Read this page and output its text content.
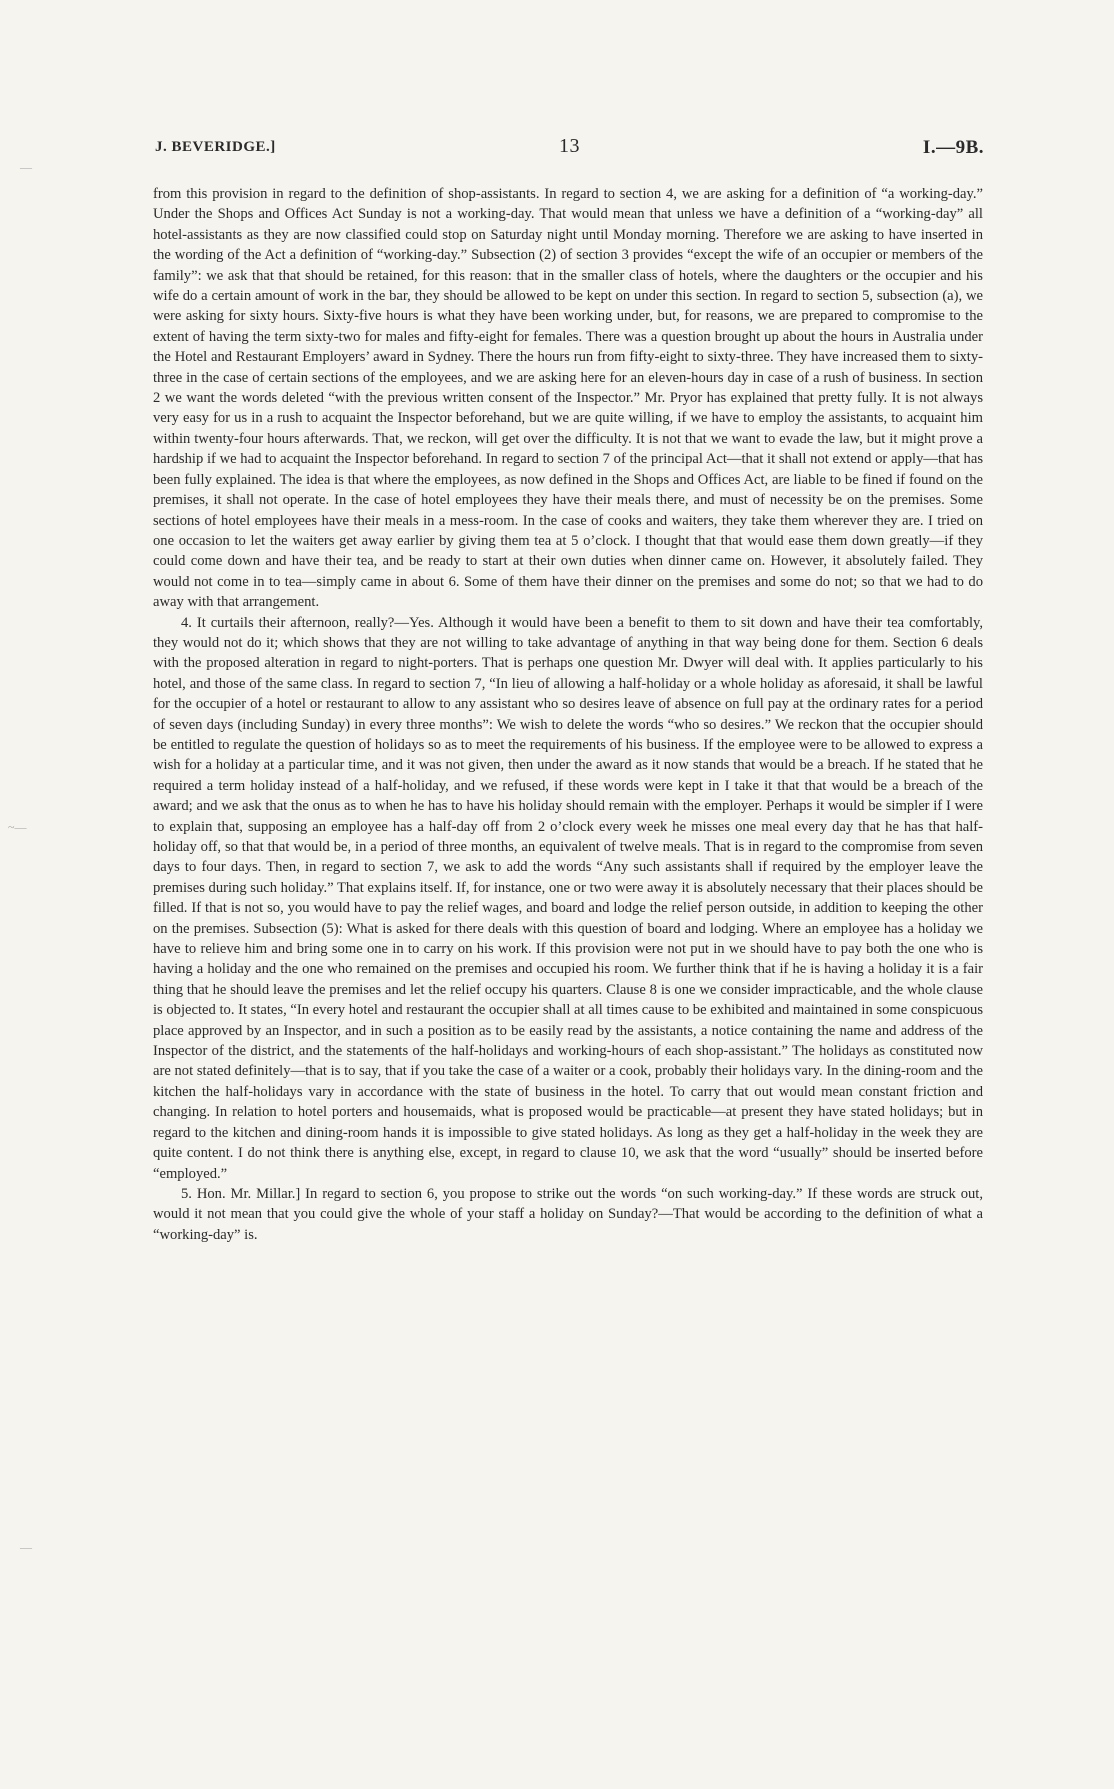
J. BEVERIDGE.]	13	I.—9B.

from this provision in regard to the definition of shop-assistants. In regard to section 4, we are asking for a definition of “a working-day.” Under the Shops and Offices Act Sunday is not a working-day. That would mean that unless we have a definition of a “working-day” all hotel-assistants as they are now classified could stop on Saturday night until Monday morning. Therefore we are asking to have inserted in the wording of the Act a definition of “working-day.” Subsection (2) of section 3 provides “except the wife of an occupier or members of the family”: we ask that that should be retained, for this reason: that in the smaller class of hotels, where the daughters or the occupier and his wife do a certain amount of work in the bar, they should be allowed to be kept on under this section. In regard to section 5, subsection (a), we were asking for sixty hours. Sixty-five hours is what they have been working under, but, for reasons, we are prepared to compromise to the extent of having the term sixty-two for males and fifty-eight for females. There was a question brought up about the hours in Australia under the Hotel and Restaurant Employers’ award in Sydney. There the hours run from fifty-eight to sixty-three. They have increased them to sixty-three in the case of certain sections of the employees, and we are asking here for an eleven-hours day in case of a rush of business. In section 2 we want the words deleted “with the previous written consent of the Inspector.” Mr. Pryor has explained that pretty fully. It is not always very easy for us in a rush to acquaint the Inspector beforehand, but we are quite willing, if we have to employ the assistants, to acquaint him within twenty-four hours afterwards. That, we reckon, will get over the difficulty. It is not that we want to evade the law, but it might prove a hardship if we had to acquaint the Inspector beforehand. In regard to section 7 of the principal Act—that it shall not extend or apply—that has been fully explained. The idea is that where the employees, as now defined in the Shops and Offices Act, are liable to be fined if found on the premises, it shall not operate. In the case of hotel employees they have their meals there, and must of necessity be on the premises. Some sections of hotel employees have their meals in a mess-room. In the case of cooks and waiters, they take them wherever they are. I tried on one occasion to let the waiters get away earlier by giving them tea at 5 o’clock. I thought that that would ease them down greatly—if they could come down and have their tea, and be ready to start at their own duties when dinner came on. However, it absolutely failed. They would not come in to tea—simply came in about 6. Some of them have their dinner on the premises and some do not; so that we had to do away with that arrangement.

4. It curtails their afternoon, really?—Yes. Although it would have been a benefit to them to sit down and have their tea comfortably, they would not do it; which shows that they are not willing to take advantage of anything in that way being done for them. Section 6 deals with the proposed alteration in regard to night-porters. That is perhaps one question Mr. Dwyer will deal with. It applies particularly to his hotel, and those of the same class. In regard to section 7, “In lieu of allowing a half-holiday or a whole holiday as aforesaid, it shall be lawful for the occupier of a hotel or restaurant to allow to any assistant who so desires leave of absence on full pay at the ordinary rates for a period of seven days (including Sunday) in every three months”: We wish to delete the words “who so desires.” We reckon that the occupier should be entitled to regulate the question of holidays so as to meet the requirements of his business. If the employee were to be allowed to express a wish for a holiday at a particular time, and it was not given, then under the award as it now stands that would be a breach. If he stated that he required a term holiday instead of a half-holiday, and we refused, if these words were kept in I take it that that would be a breach of the award; and we ask that the onus as to when he has to have his holiday should remain with the employer. Perhaps it would be simpler if I were to explain that, supposing an employee has a half-day off from 2 o’clock every week he misses one meal every day that he has that half-holiday off, so that that would be, in a period of three months, an equivalent of twelve meals. That is in regard to the compromise from seven days to four days. Then, in regard to section 7, we ask to add the words “Any such assistants shall if required by the employer leave the premises during such holiday.” That explains itself. If, for instance, one or two were away it is absolutely necessary that their places should be filled. If that is not so, you would have to pay the relief wages, and board and lodge the relief person outside, in addition to keeping the other on the premises. Subsection (5): What is asked for there deals with this question of board and lodging. Where an employee has a holiday we have to relieve him and bring some one in to carry on his work. If this provision were not put in we should have to pay both the one who is having a holiday and the one who remained on the premises and occupied his room. We further think that if he is having a holiday it is a fair thing that he should leave the premises and let the relief occupy his quarters. Clause 8 is one we consider impracticable, and the whole clause is objected to. It states, “In every hotel and restaurant the occupier shall at all times cause to be exhibited and maintained in some conspicuous place approved by an Inspector, and in such a position as to be easily read by the assistants, a notice containing the name and address of the Inspector of the district, and the statements of the half-holidays and working-hours of each shop-assistant.” The holidays as constituted now are not stated definitely—that is to say, that if you take the case of a waiter or a cook, probably their holidays vary. In the dining-room and the kitchen the half-holidays vary in accordance with the state of business in the hotel. To carry that out would mean constant friction and changing. In relation to hotel porters and housemaids, what is proposed would be practicable—at present they have stated holidays; but in regard to the kitchen and dining-room hands it is impossible to give stated holidays. As long as they get a half-holiday in the week they are quite content. I do not think there is anything else, except, in regard to clause 10, we ask that the word “usually” should be inserted before “employed.”

5. Hon. Mr. Millar.] In regard to section 6, you propose to strike out the words “on such working-day.” If these words are struck out, would it not mean that you could give the whole of your staff a holiday on Sunday?—That would be according to the definition of what a “working-day” is.

—
~—
—
